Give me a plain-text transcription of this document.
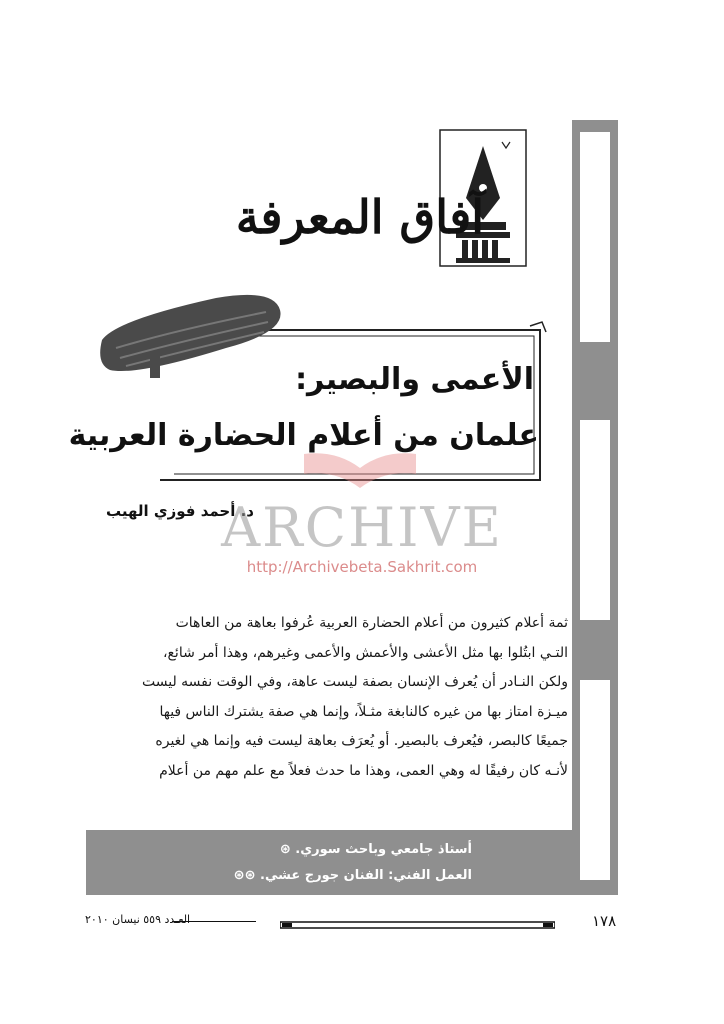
آفاق المعرفة
الأعمى والبصير:
علمان من أعلام الحضارة العربية
د. أحمد فوزي الهيب
ARCHIVE
http://Archivebeta.Sakhrit.com
ثمة أعلام كثيرون من أعلام الحضارة العربية عُرفوا بعاهة من العاهات
التـي ابتُلوا بها مثل الأعشى والأعمش والأعمى وغيرهم، وهذا أمر شائع،
ولكن النـادر أن يُعرف الإنسان بصفة ليست عاهة، وفي الوقت نفسه ليست
ميـزة امتاز بها من غيره كالنابغة مثـلاً، وإنما هي صفة يشترك الناس فيها
جميعًا كالبصر، فيُعرف بالبصير. أو يُعرَف بعاهة ليست فيه وإنما هي لغيره
لأنـه كان رفيقًا له وهي العمى، وهذا ما حدث فعلاً مع علم مهم من أعلام
أستاذ جامعي وباحث سوري. ⊛
العمل الفني: الفنان جورج عشي. ⊛⊛
١٧٨
العـدد ٥٥٩ نيسان ٢٠١٠
